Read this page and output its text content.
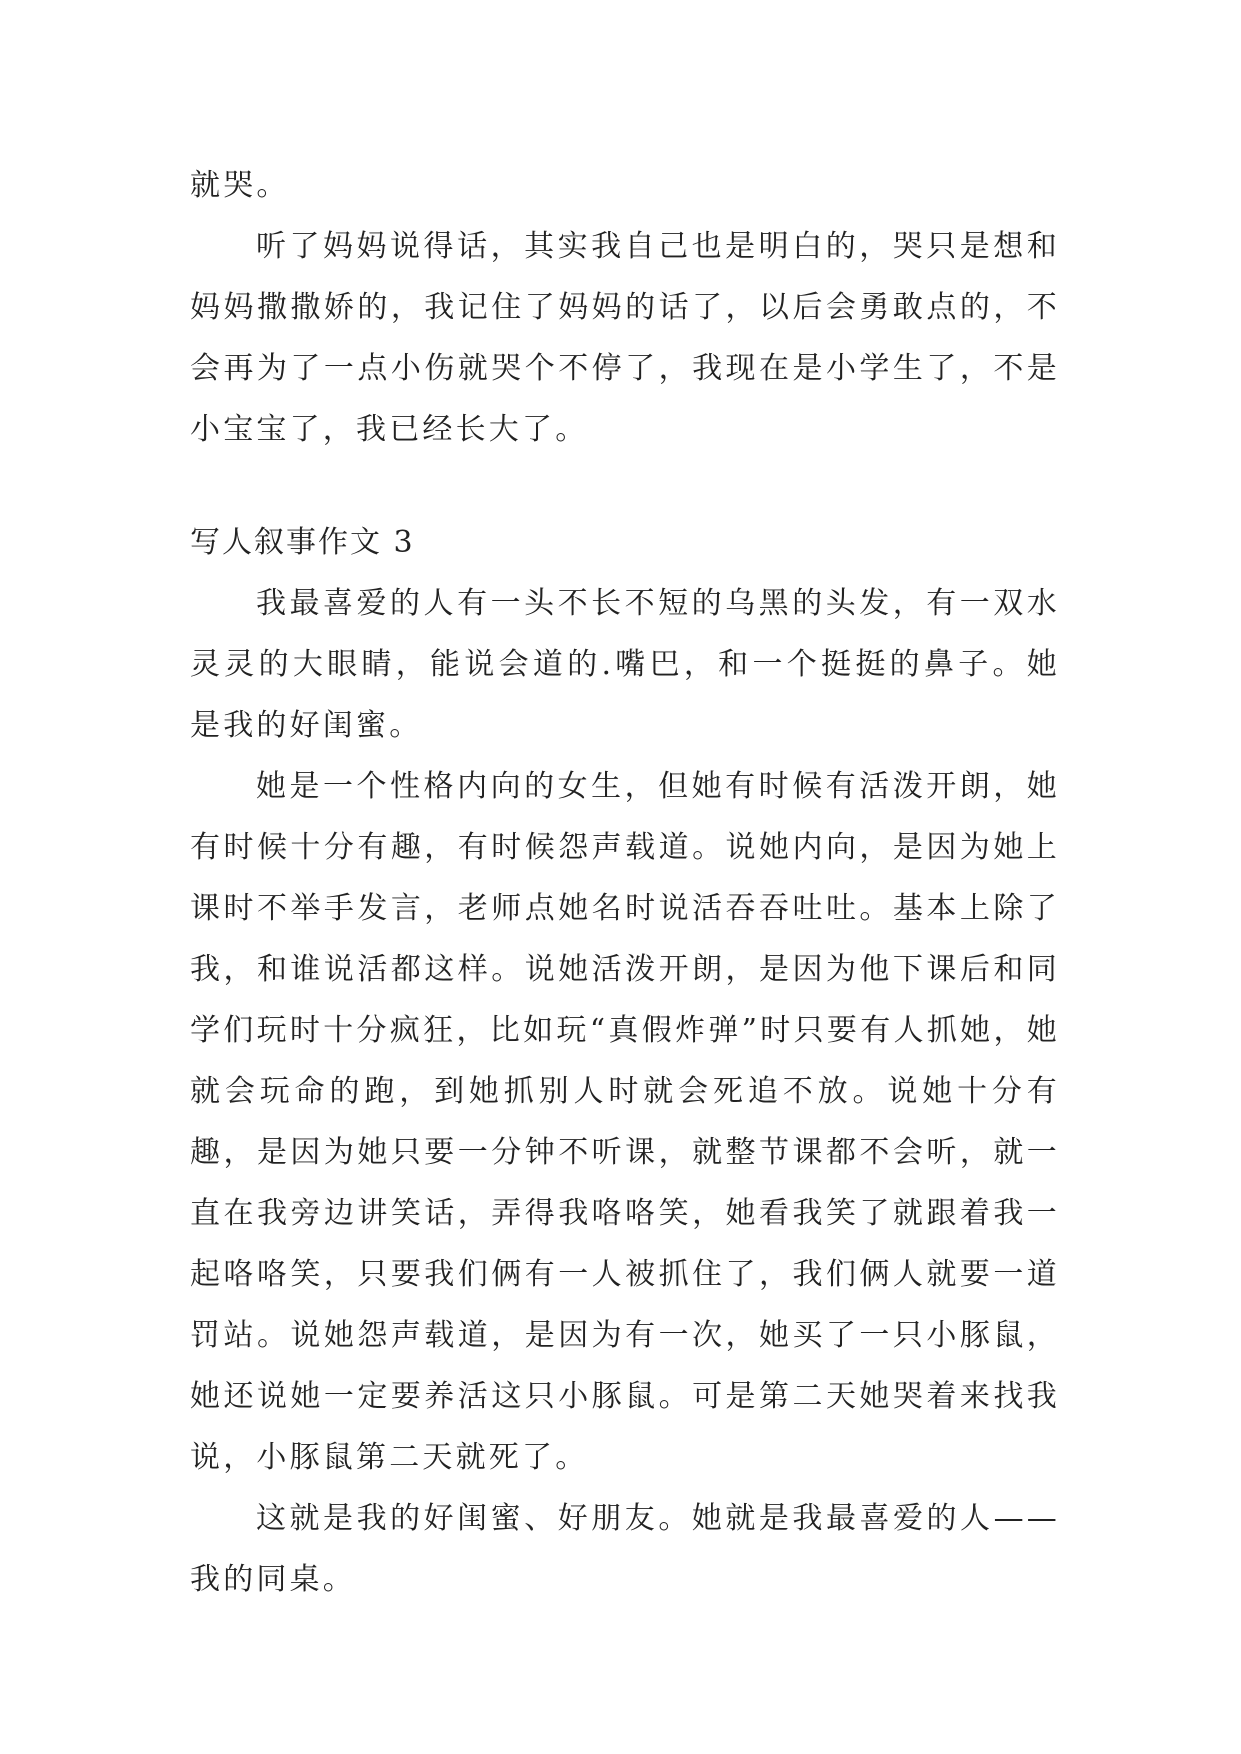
就哭。

听了妈妈说得话，其实我自己也是明白的，哭只是想和妈妈撒撒娇的，我记住了妈妈的话了，以后会勇敢点的，不会再为了一点小伤就哭个不停了，我现在是小学生了，不是小宝宝了，我已经长大了。

写人叙事作文 3

我最喜爱的人有一头不长不短的乌黑的头发，有一双水灵灵的大眼睛，能说会道的.嘴巴，和一个挺挺的鼻子。她是我的好闺蜜。

她是一个性格内向的女生，但她有时候有活泼开朗，她有时候十分有趣，有时候怨声载道。说她内向，是因为她上课时不举手发言，老师点她名时说活吞吞吐吐。基本上除了我，和谁说活都这样。说她活泼开朗，是因为他下课后和同学们玩时十分疯狂，比如玩“真假炸弹”时只要有人抓她，她就会玩命的跑，到她抓别人时就会死追不放。说她十分有趣，是因为她只要一分钟不听课，就整节课都不会听，就一直在我旁边讲笑话，弄得我咯咯笑，她看我笑了就跟着我一起咯咯笑，只要我们俩有一人被抓住了，我们俩人就要一道罚站。说她怨声载道，是因为有一次，她买了一只小豚鼠，她还说她一定要养活这只小豚鼠。可是第二天她哭着来找我说，小豚鼠第二天就死了。

这就是我的好闺蜜、好朋友。她就是我最喜爱的人——我的同桌。
